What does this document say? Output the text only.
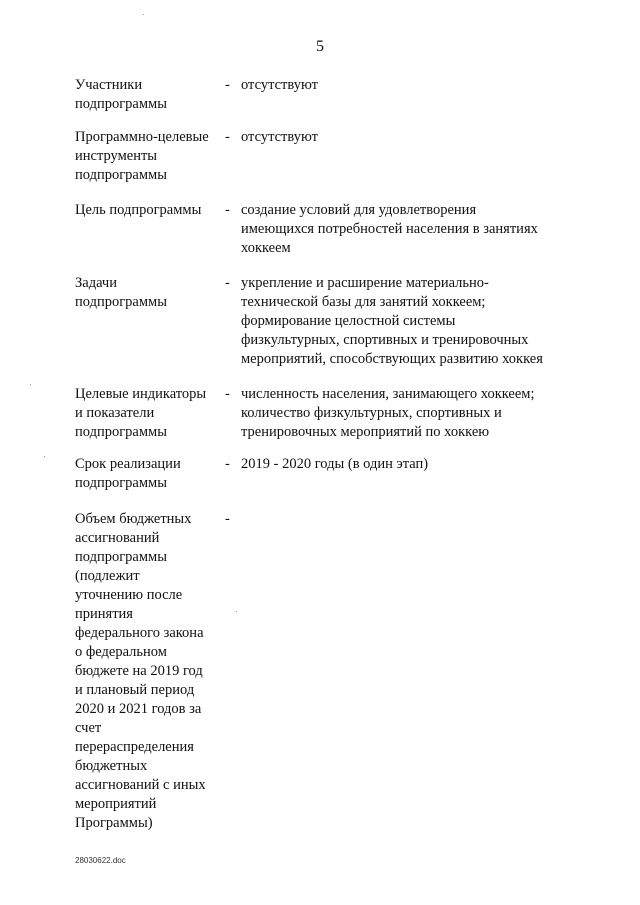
5
Участники
подпрограммы
- отсутствуют
Программно-целевые
инструменты
подпрограммы
- отсутствуют
Цель подпрограммы	- создание условий для удовлетворения
имеющихся потребностей населения в занятиях
хоккеем
Задачи
подпрограммы
- укрепление и расширение материально-
технической базы для занятий хоккеем;
формирование целостной системы
физкультурных, спортивных и тренировочных
мероприятий, способствующих развитию хоккея
Целевые индикаторы
и показатели
подпрограммы
- численность населения, занимающего хоккеем;
количество физкультурных, спортивных и
тренировочных мероприятий по хоккею
Срок реализации
подпрограммы
- 2019 - 2020 годы (в один этап)
Объем бюджетных
ассигнований
подпрограммы
(подлежит
уточнению после
принятия
федерального закона
о федеральном
бюджете на 2019 год
и плановый период
2020 и 2021 годов за
счет
перераспределения
бюджетных
ассигнований с иных
мероприятий
Программы)
-
28030622.doc
